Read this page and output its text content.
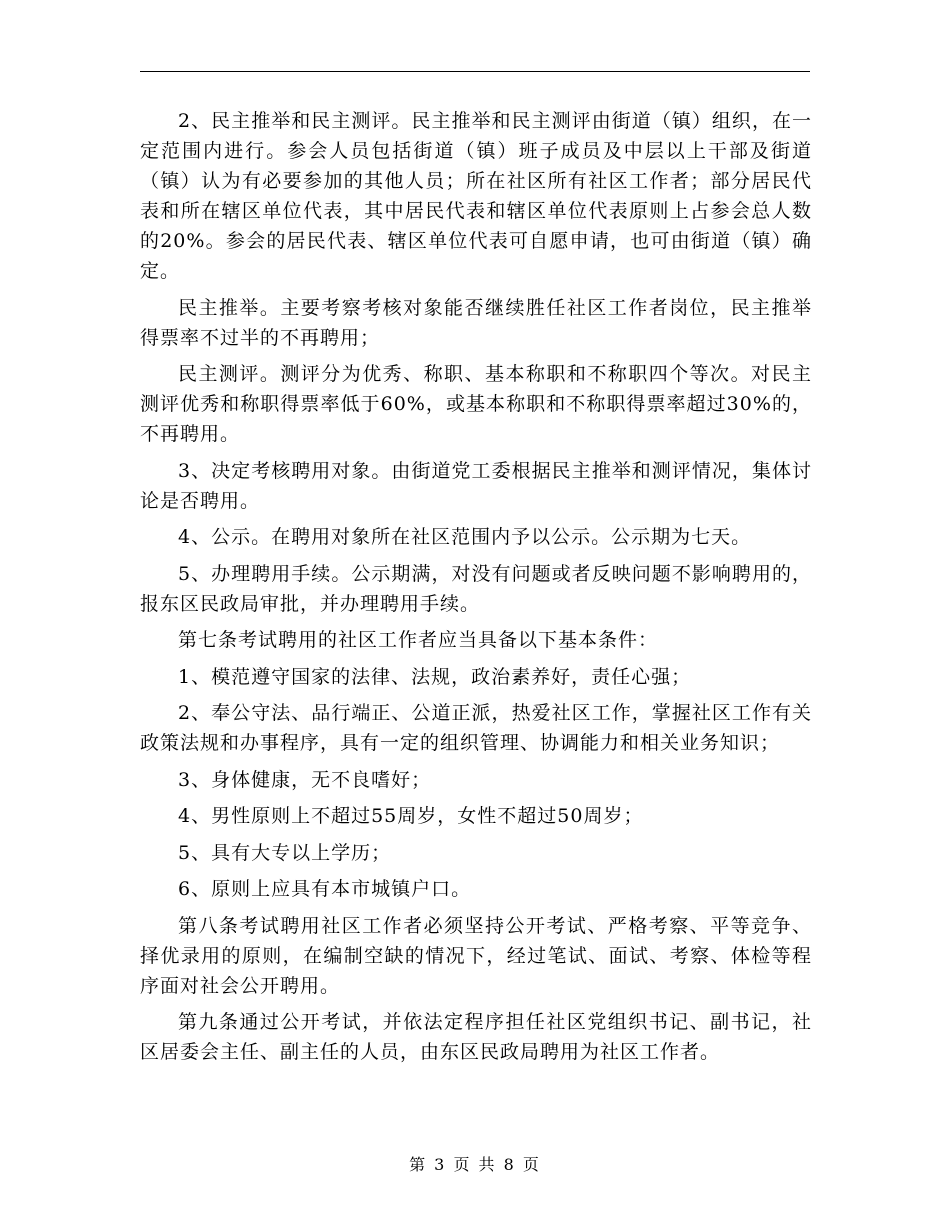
2、民主推举和民主测评。民主推举和民主测评由街道（镇）组织，在一定范围内进行。参会人员包括街道（镇）班子成员及中层以上干部及街道（镇）认为有必要参加的其他人员；所在社区所有社区工作者；部分居民代表和所在辖区单位代表，其中居民代表和辖区单位代表原则上占参会总人数的20%。参会的居民代表、辖区单位代表可自愿申请，也可由街道（镇）确定。

民主推举。主要考察考核对象能否继续胜任社区工作者岗位，民主推举得票率不过半的不再聘用；

民主测评。测评分为优秀、称职、基本称职和不称职四个等次。对民主测评优秀和称职得票率低于60%，或基本称职和不称职得票率超过30%的，不再聘用。

3、决定考核聘用对象。由街道党工委根据民主推举和测评情况，集体讨论是否聘用。

4、公示。在聘用对象所在社区范围内予以公示。公示期为七天。

5、办理聘用手续。公示期满，对没有问题或者反映问题不影响聘用的，报东区民政局审批，并办理聘用手续。

第七条考试聘用的社区工作者应当具备以下基本条件：

1、模范遵守国家的法律、法规，政治素养好，责任心强；

2、奉公守法、品行端正、公道正派，热爱社区工作，掌握社区工作有关政策法规和办事程序，具有一定的组织管理、协调能力和相关业务知识；

3、身体健康，无不良嗜好；

4、男性原则上不超过55周岁，女性不超过50周岁；

5、具有大专以上学历；

6、原则上应具有本市城镇户口。

第八条考试聘用社区工作者必须坚持公开考试、严格考察、平等竞争、择优录用的原则，在编制空缺的情况下，经过笔试、面试、考察、体检等程序面对社会公开聘用。

第九条通过公开考试，并依法定程序担任社区党组织书记、副书记，社区居委会主任、副主任的人员，由东区民政局聘用为社区工作者。

第 3 页 共 8 页
